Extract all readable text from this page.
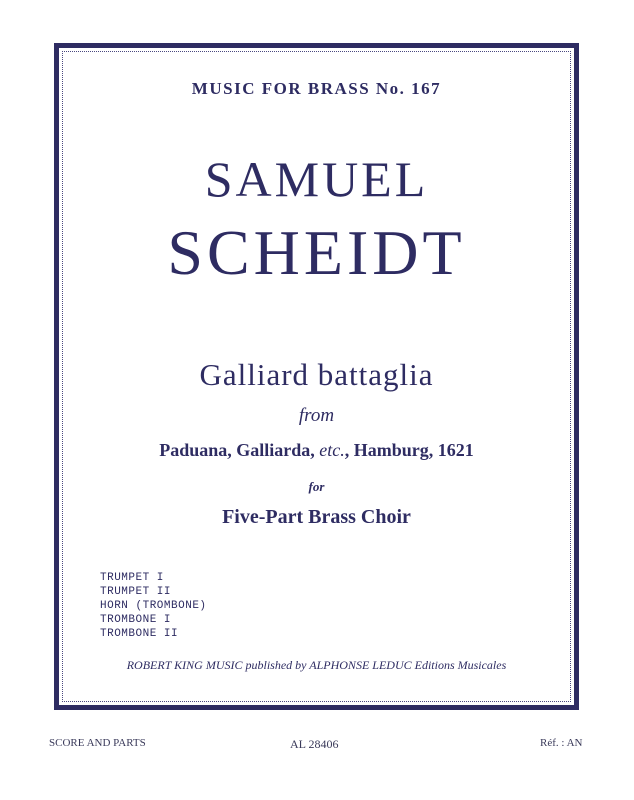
MUSIC FOR BRASS No. 167
SAMUEL
SCHEIDT
Galliard battaglia
from
Paduana, Galliarda, etc., Hamburg, 1621
for
Five-Part Brass Choir
TRUMPET I
TRUMPET II
HORN (TROMBONE)
TROMBONE I
TROMBONE II
ROBERT KING MUSIC published by ALPHONSE LEDUC Editions Musicales
SCORE AND PARTS	AL 28406	Réf. : AN
